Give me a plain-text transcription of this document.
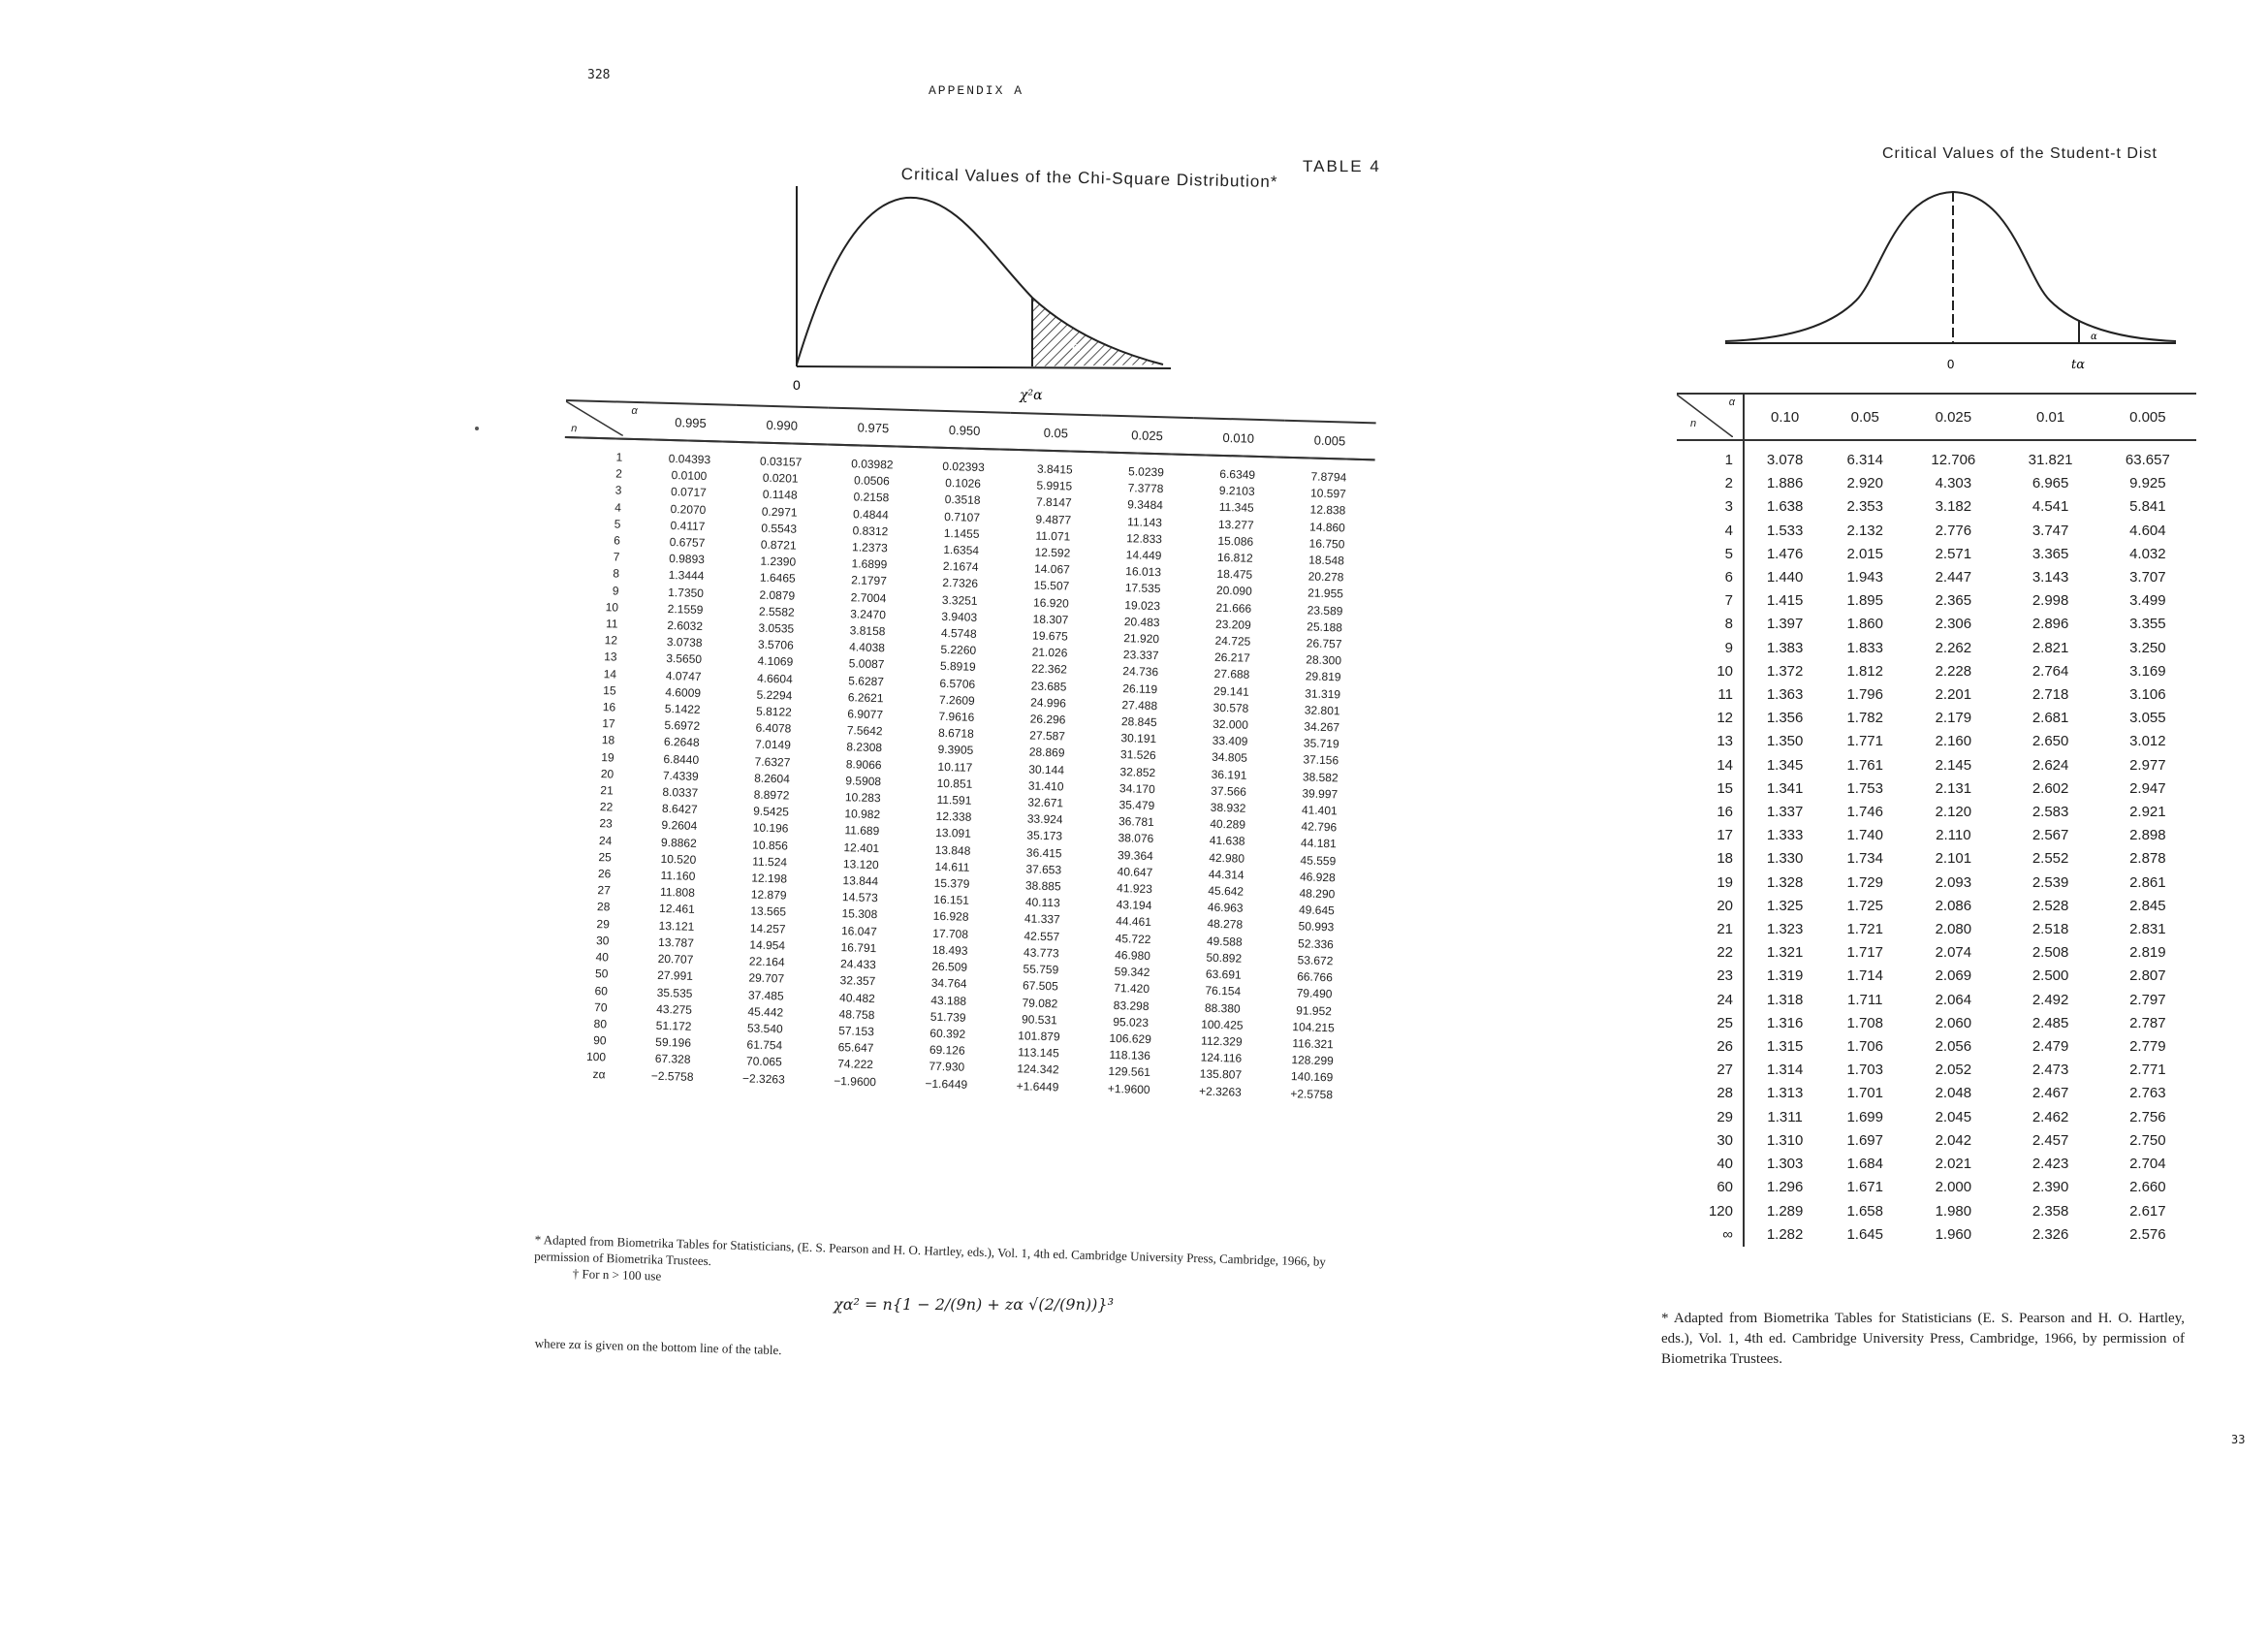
328
APPENDIX A
TABLE 4
Critical Values of the Chi-Square Distribution*
0
χ²α
α
α
n	0.995	0.990	0.975	0.950	0.05	0.025	0.010	0.005
1	0.04393	0.03157	0.03982	0.02393	3.8415	5.0239	6.6349	7.8794
2	0.0100	0.0201	0.0506	0.1026	5.9915	7.3778	9.2103	10.597
3	0.0717	0.1148	0.2158	0.3518	7.8147	9.3484	11.345	12.838
4	0.2070	0.2971	0.4844	0.7107	9.4877	11.143	13.277	14.860
5	0.4117	0.5543	0.8312	1.1455	11.071	12.833	15.086	16.750
6	0.6757	0.8721	1.2373	1.6354	12.592	14.449	16.812	18.548
7	0.9893	1.2390	1.6899	2.1674	14.067	16.013	18.475	20.278
8	1.3444	1.6465	2.1797	2.7326	15.507	17.535	20.090	21.955
9	1.7350	2.0879	2.7004	3.3251	16.920	19.023	21.666	23.589
10	2.1559	2.5582	3.2470	3.9403	18.307	20.483	23.209	25.188
11	2.6032	3.0535	3.8158	4.5748	19.675	21.920	24.725	26.757
12	3.0738	3.5706	4.4038	5.2260	21.026	23.337	26.217	28.300
13	3.5650	4.1069	5.0087	5.8919	22.362	24.736	27.688	29.819
14	4.0747	4.6604	5.6287	6.5706	23.685	26.119	29.141	31.319
15	4.6009	5.2294	6.2621	7.2609	24.996	27.488	30.578	32.801
16	5.1422	5.8122	6.9077	7.9616	26.296	28.845	32.000	34.267
17	5.6972	6.4078	7.5642	8.6718	27.587	30.191	33.409	35.719
18	6.2648	7.0149	8.2308	9.3905	28.869	31.526	34.805	37.156
19	6.8440	7.6327	8.9066	10.117	30.144	32.852	36.191	38.582
20	7.4339	8.2604	9.5908	10.851	31.410	34.170	37.566	39.997
21	8.0337	8.8972	10.283	11.591	32.671	35.479	38.932	41.401
22	8.6427	9.5425	10.982	12.338	33.924	36.781	40.289	42.796
23	9.2604	10.196	11.689	13.091	35.173	38.076	41.638	44.181
24	9.8862	10.856	12.401	13.848	36.415	39.364	42.980	45.559
25	10.520	11.524	13.120	14.611	37.653	40.647	44.314	46.928
26	11.160	12.198	13.844	15.379	38.885	41.923	45.642	48.290
27	11.808	12.879	14.573	16.151	40.113	43.194	46.963	49.645
28	12.461	13.565	15.308	16.928	41.337	44.461	48.278	50.993
29	13.121	14.257	16.047	17.708	42.557	45.722	49.588	52.336
30	13.787	14.954	16.791	18.493	43.773	46.980	50.892	53.672
40	20.707	22.164	24.433	26.509	55.759	59.342	63.691	66.766
50	27.991	29.707	32.357	34.764	67.505	71.420	76.154	79.490
60	35.535	37.485	40.482	43.188	79.082	83.298	88.380	91.952
70	43.275	45.442	48.758	51.739	90.531	95.023	100.425	104.215
80	51.172	53.540	57.153	60.392	101.879	106.629	112.329	116.321
90	59.196	61.754	65.647	69.126	113.145	118.136	124.116	128.299
100	67.328	70.065	74.222	77.930	124.342	129.561	135.807	140.169
zα	−2.5758	−2.3263	−1.9600	−1.6449	+1.6449	+1.9600	+2.3263	+2.5758

* Adapted from Biometrika Tables for Statisticians, (E. S. Pearson and H. O. Hartley, eds.), Vol. 1, 4th ed. Cambridge University Press, Cambridge, 1966, by permission of Biometrika Trustees.

† For n > 100 use

χα² = n{1 − 2/(9n) + zα √(2/(9n))}³
where zα is given on the bottom line of the table.
Critical Values of the Student-t Dist
α
0	tα
α
n	0.10	0.05	0.025	0.01	0.005
1	3.078	6.314	12.706	31.821	63.657
2	1.886	2.920	4.303	6.965	9.925
3	1.638	2.353	3.182	4.541	5.841
4	1.533	2.132	2.776	3.747	4.604
5	1.476	2.015	2.571	3.365	4.032
6	1.440	1.943	2.447	3.143	3.707
7	1.415	1.895	2.365	2.998	3.499
8	1.397	1.860	2.306	2.896	3.355
9	1.383	1.833	2.262	2.821	3.250
10	1.372	1.812	2.228	2.764	3.169
11	1.363	1.796	2.201	2.718	3.106
12	1.356	1.782	2.179	2.681	3.055
13	1.350	1.771	2.160	2.650	3.012
14	1.345	1.761	2.145	2.624	2.977
15	1.341	1.753	2.131	2.602	2.947
16	1.337	1.746	2.120	2.583	2.921
17	1.333	1.740	2.110	2.567	2.898
18	1.330	1.734	2.101	2.552	2.878
19	1.328	1.729	2.093	2.539	2.861
20	1.325	1.725	2.086	2.528	2.845
21	1.323	1.721	2.080	2.518	2.831
22	1.321	1.717	2.074	2.508	2.819
23	1.319	1.714	2.069	2.500	2.807
24	1.318	1.711	2.064	2.492	2.797
25	1.316	1.708	2.060	2.485	2.787
26	1.315	1.706	2.056	2.479	2.779
27	1.314	1.703	2.052	2.473	2.771
28	1.313	1.701	2.048	2.467	2.763
29	1.311	1.699	2.045	2.462	2.756
30	1.310	1.697	2.042	2.457	2.750
40	1.303	1.684	2.021	2.423	2.704
60	1.296	1.671	2.000	2.390	2.660
120	1.289	1.658	1.980	2.358	2.617
∞	1.282	1.645	1.960	2.326	2.576

* Adapted from Biometrika Tables for Statisticians (E. S. Pearson and H. O. Hartley, eds.), Vol. 1, 4th ed. Cambridge University Press, Cambridge, 1966, by permission of Biometrika Trustees.

33
